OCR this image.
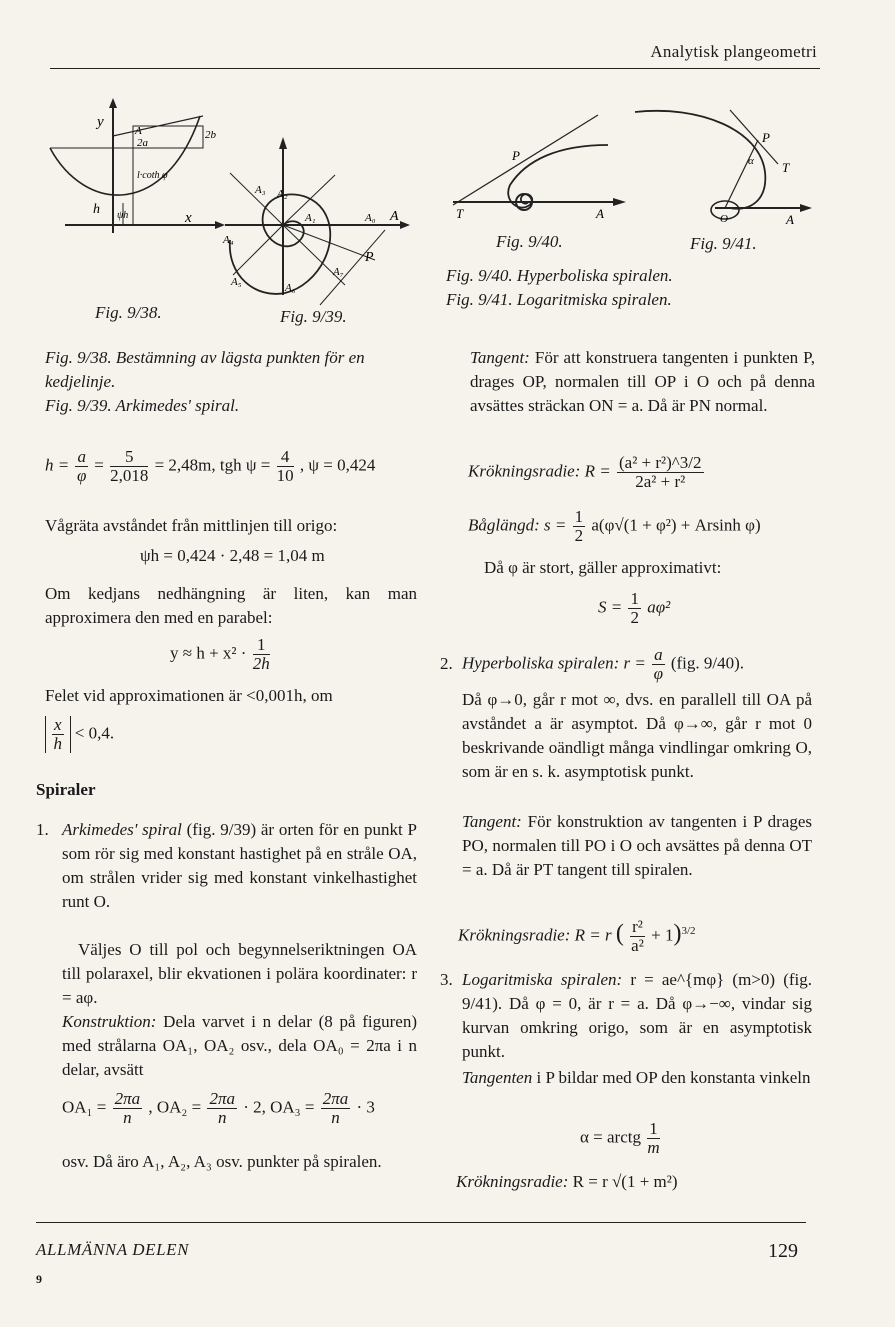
Analytisk plangeometri
y
x
2b
2a
A
h ψh
l·coth φ
Fig. 9/38.
A
P
A₃ A₂
A₁
A₄
A₅	A₆
A₇
A₀
Fig. 9/39.
P
T	A
Fig. 9/40.
P
T
α
O	A
Fig. 9/41.
Fig. 9/40. Hyperboliska spiralen.
Fig. 9/41. Logaritmiska spiralen.
Fig. 9/38. Bestämning av lägsta punkten för en kedjelinje.
Fig. 9/39. Arkimedes' spiral.
$h = \frac{a}{\varphi} = \frac{5}{2,018} = 2,48m$, tgh $\psi = \frac{4}{10}$ , ψ = 0,424
Vågräta avståndet från mittlinjen till origo:
ψh = 0,424 · 2,48 = 1,04 m
Om kedjans nedhängning är liten, kan man approximera den med en parabel:
$y \approx h + x^2 \cdot \frac{1}{2h}$
Felet vid approximationen är <0,001h, om
$\frac{x}{h} < 0,4$.
Spiraler
1. Arkimedes' spiral (fig. 9/39) är orten för en punkt P som rör sig med konstant hastighet på en stråle OA, om strålen vrider sig med konstant vinkelhastighet runt O.
Väljes O till pol och begynnelseriktningen OA till polaraxel, blir ekvationen i polära koordinater: r = aφ.
Konstruktion: Dela varvet i n delar (8 på figuren) med strålarna OA₁, OA₂ osv., dela OA₀ = 2πa i n delar, avsätt
$OA_1 = \frac{2\pi a}{n}$ , $OA_2 = \frac{2\pi a}{n} \cdot 2$, $OA_3 = \frac{2\pi a}{n} \cdot 3$
osv. Då äro A₁, A₂, A₃ osv. punkter på spiralen.
Tangent: För att konstruera tangenten i punkten P, drages OP, normalen till OP i O och på denna avsättes sträckan ON = a. Då är PN normal.
Krökningsradie: $R = \frac{\text{(a² + r²)\textasciicircum{}3/2}}{\text{2a² + r²}}$
Båglängd: $s = \frac{1}{2} a(\varphi√(1 + \varphi^2) + Arsinh$ φ)
Då φ är stort, gäller approximativt:
$S = \frac{1}{2} a\varphi^2$
2. Hyperboliska spiralen: $r = \frac{a}{\varphi} (fig$. 9/40).
Då φ→0, går r mot ∞, dvs. en parallell till OA på avståndet a är asymptot. Då φ→∞, går r mot 0 beskrivande oändligt många vindlingar omkring O, som är en s. k. asymptotisk punkt.
Tangent: För konstruktion av tangenten i P drages PO, normalen till PO i O och avsättes på denna OT = a. Då är PT tangent till spiralen.
Krökningsradie: R = r ( $\frac{\text{r²}}{\text{a²}} + 1)^{3/2}$
3. Logaritmiska spiralen: r = ae^{mφ} (m>0) (fig. 9/41). Då φ = 0, är r = a. Då φ→−∞, vindar sig kurvan omkring origo, som är en asymptotisk punkt.
Tangenten i P bildar med OP den konstanta vinkeln
α = arctg $\frac{1}{m}$
Krökningsradie: R = r √(1 + m²)
ALLMÄNNA DELEN
9
129
